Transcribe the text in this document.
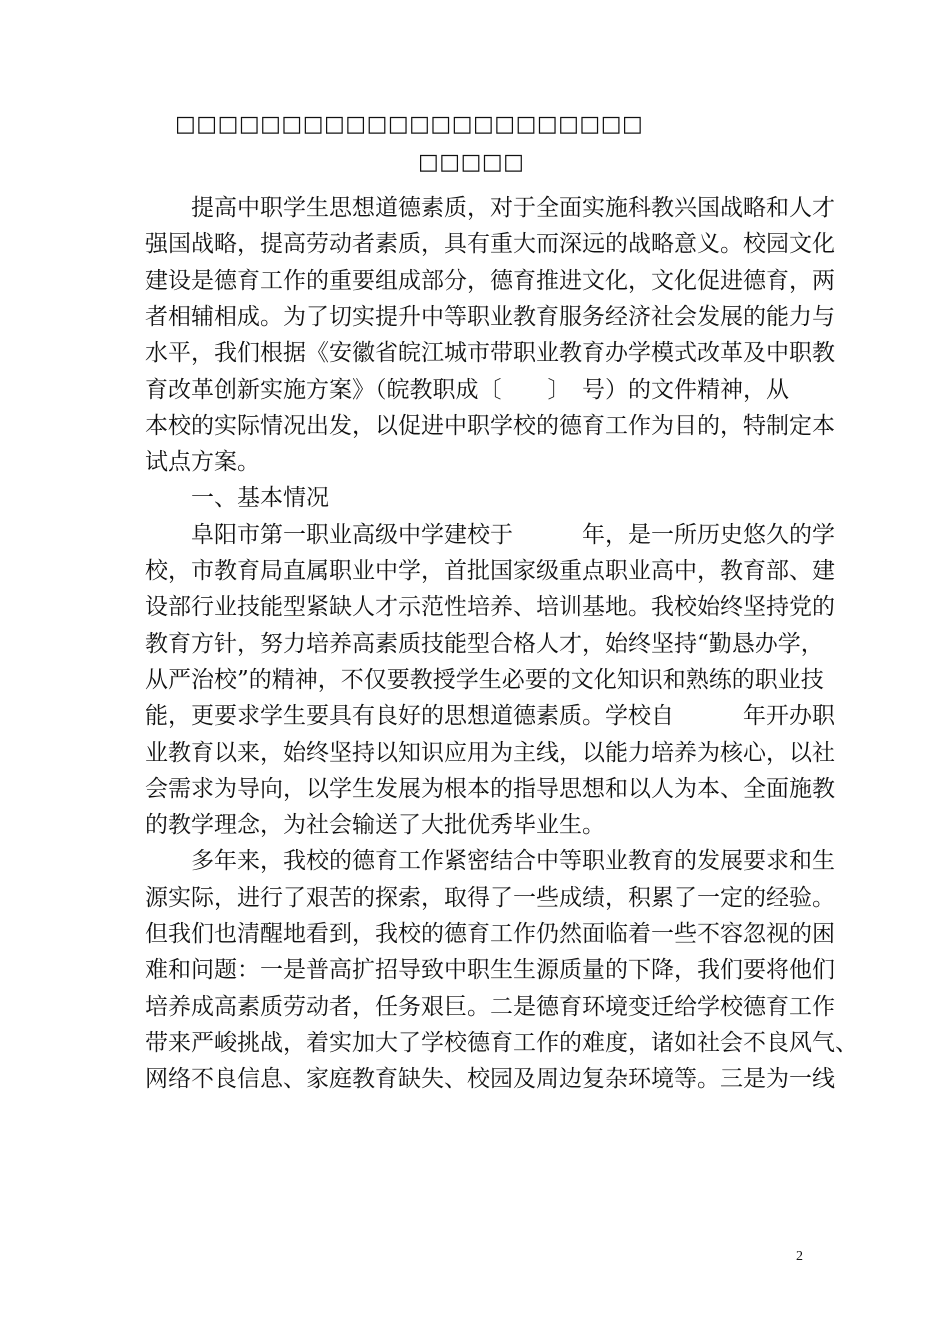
□□□□□□□□□□□□□□□□□□□□□□
□□□□□
　　提高中职学生思想道德素质，对于全面实施科教兴国战略和人才
强国战略，提高劳动者素质，具有重大而深远的战略意义。校园文化
建设是德育工作的重要组成部分，德育推进文化，文化促进德育，两
者相辅相成。为了切实提升中等职业教育服务经济社会发展的能力与
水平，我们根据《安徽省皖江城市带职业教育办学模式改革及中职教
育改革创新实施方案》（皖教职成〔　　〕　号）的文件精神，从
本校的实际情况出发，以促进中职学校的德育工作为目的，特制定本
试点方案。
　　一、基本情况
　　阜阳市第一职业高级中学建校于　　　年，是一所历史悠久的学
校，市教育局直属职业中学，首批国家级重点职业高中，教育部、建
设部行业技能型紧缺人才示范性培养、培训基地。我校始终坚持党的
教育方针，努力培养高素质技能型合格人才，始终坚持“勤恳办学，
从严治校”的精神，不仅要教授学生必要的文化知识和熟练的职业技
能，更要求学生要具有良好的思想道德素质。学校自　　　年开办职
业教育以来，始终坚持以知识应用为主线，以能力培养为核心，以社
会需求为导向，以学生发展为根本的指导思想和以人为本、全面施教
的教学理念，为社会输送了大批优秀毕业生。
　　多年来，我校的德育工作紧密结合中等职业教育的发展要求和生
源实际，进行了艰苦的探索，取得了一些成绩，积累了一定的经验。
但我们也清醒地看到，我校的德育工作仍然面临着一些不容忽视的困
难和问题：一是普高扩招导致中职生生源质量的下降，我们要将他们
培养成高素质劳动者，任务艰巨。二是德育环境变迁给学校德育工作
带来严峻挑战，着实加大了学校德育工作的难度，诸如社会不良风气、
网络不良信息、家庭教育缺失、校园及周边复杂环境等。三是为一线
2
